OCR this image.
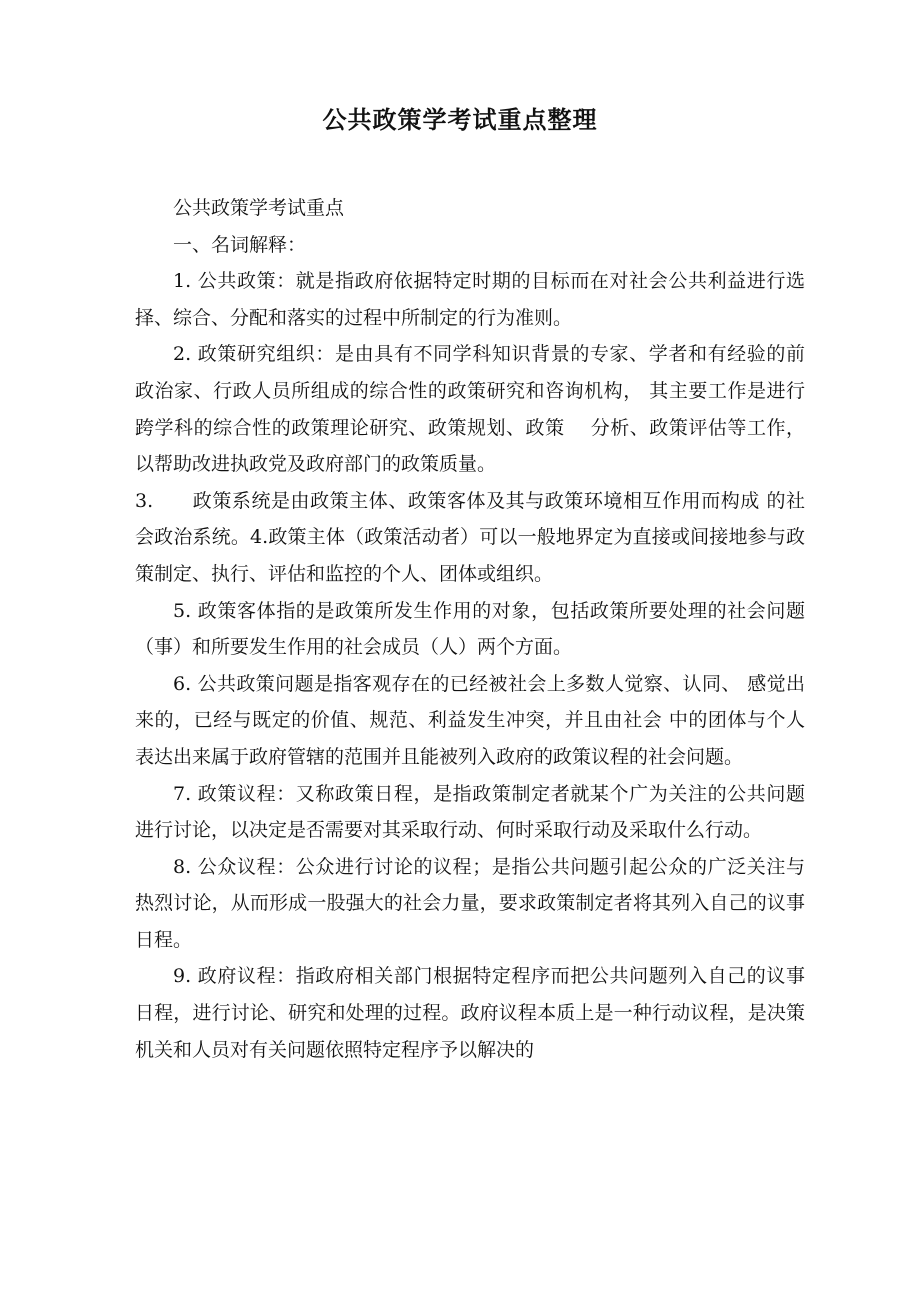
公共政策学考试重点整理

公共政策学考试重点

一、名词解释：

1. 公共政策：就是指政府依据特定时期的目标而在对社会公共利益进行选择、综合、分配和落实的过程中所制定的行为准则。

2. 政策研究组织：是由具有不同学科知识背景的专家、学者和有经验的前政治家、行政人员所组成的综合性的政策研究和咨询机构， 其主要工作是进行跨学科的综合性的政策理论研究、政策规划、政策　 分析、政策评估等工作，以帮助改进执政党及政府部门的政策质量。

3.　　政策系统是由政策主体、政策客体及其与政策环境相互作用而构成 的社会政治系统。4.政策主体（政策活动者）可以一般地界定为直接或间接地参与政策制定、执行、评估和监控的个人、团体或组织。

5. 政策客体指的是政策所发生作用的对象，包括政策所要处理的社会问题（事）和所要发生作用的社会成员（人）两个方面。

6. 公共政策问题是指客观存在的已经被社会上多数人觉察、认同、 感觉出来的，已经与既定的价值、规范、利益发生冲突，并且由社会 中的团体与个人表达出来属于政府管辖的范围并且能被列入政府的政策议程的社会问题。

7. 政策议程：又称政策日程，是指政策制定者就某个广为关注的公共问题进行讨论，以决定是否需要对其采取行动、何时采取行动及采取什么行动。

8. 公众议程：公众进行讨论的议程；是指公共问题引起公众的广泛关注与热烈讨论，从而形成一股强大的社会力量，要求政策制定者将其列入自己的议事日程。

9. 政府议程：指政府相关部门根据特定程序而把公共问题列入自己的议事日程，进行讨论、研究和处理的过程。政府议程本质上是一种行动议程，是决策机关和人员对有关问题依照特定程序予以解决的
